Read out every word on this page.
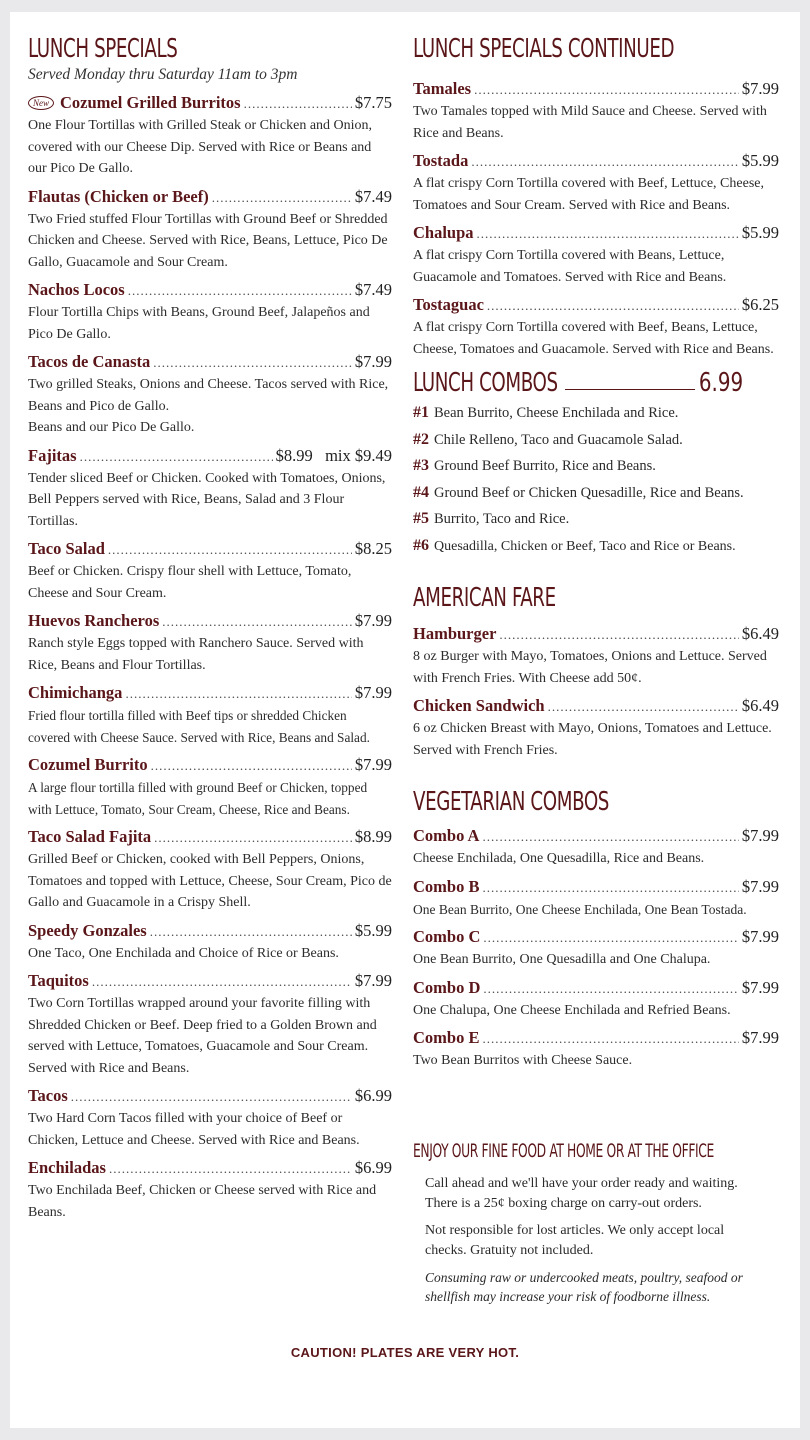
LUNCH SPECIALS
Served Monday thru Saturday 11am to 3pm
New Cozumel Grilled Burritos .....	$7.75
One Flour Tortillas with Grilled Steak or Chicken and Onion, covered with our Cheese Dip. Served with Rice or Beans and our Pico De Gallo.
Flautas (Chicken or Beef) .....	$7.49
Two Fried stuffed Flour Tortillas with Ground Beef or Shredded Chicken and Cheese. Served with Rice, Beans, Lettuce, Pico De Gallo, Guacamole and Sour Cream.
Nachos Locos .....	$7.49
Flour Tortilla Chips with Beans, Ground Beef, Jalapeños and Pico De Gallo.
Tacos de Canasta .....	$7.99
Two grilled Steaks, Onions and Cheese. Tacos served with Rice, Beans and Pico de Gallo.
Beans and our Pico De Gallo.
Fajitas .....	$8.99   mix $9.49
Tender sliced Beef or Chicken. Cooked with Tomatoes, Onions, Bell Peppers served with Rice, Beans, Salad and 3 Flour Tortillas.
Taco Salad .....	$8.25
Beef or Chicken. Crispy flour shell with Lettuce, Tomato, Cheese and Sour Cream.
Huevos Rancheros .....	$7.99
Ranch style Eggs topped with Ranchero Sauce. Served with Rice, Beans and Flour Tortillas.
Chimichanga .....	$7.99
Fried flour tortilla filled with Beef tips or shredded Chicken covered with Cheese Sauce. Served with Rice, Beans and Salad.
Cozumel Burrito .....	$7.99
A large flour tortilla filled with ground Beef or Chicken, topped with Lettuce, Tomato, Sour Cream, Cheese, Rice and Beans.
Taco Salad Fajita .....	$8.99
Grilled Beef or Chicken, cooked with Bell Peppers, Onions, Tomatoes and topped with Lettuce, Cheese, Sour Cream, Pico de Gallo and Guacamole in a Crispy Shell.
Speedy Gonzales .....	$5.99
One Taco, One Enchilada and Choice of Rice or Beans.
Taquitos .....	$7.99
Two Corn Tortillas wrapped around your favorite filling with Shredded Chicken or Beef. Deep fried to a Golden Brown and served with Lettuce, Tomatoes, Guacamole and Sour Cream. Served with Rice and Beans.
Tacos .....	$6.99
Two Hard Corn Tacos filled with your choice of Beef or Chicken, Lettuce and Cheese. Served with Rice and Beans.
Enchiladas .....	$6.99
Two Enchilada Beef, Chicken or Cheese served with Rice and Beans.
LUNCH SPECIALS CONTINUED
Tamales .....	$7.99
Two Tamales topped with Mild Sauce and Cheese. Served with Rice and Beans.
Tostada .....	$5.99
A flat crispy Corn Tortilla covered with Beef, Lettuce, Cheese, Tomatoes and Sour Cream. Served with Rice and Beans.
Chalupa .....	$5.99
A flat crispy Corn Tortilla covered with Beans, Lettuce, Guacamole and Tomatoes. Served with Rice and Beans.
Tostaguac .....	$6.25
A flat crispy Corn Tortilla covered with Beef, Beans, Lettuce, Cheese, Tomatoes and Guacamole. Served with Rice and Beans.
LUNCH COMBOS	6.99
#1 Bean Burrito, Cheese Enchilada and Rice.
#2 Chile Relleno, Taco and Guacamole Salad.
#3 Ground Beef Burrito, Rice and Beans.
#4 Ground Beef or Chicken Quesadille, Rice and Beans.
#5 Burrito, Taco and Rice.
#6 Quesadilla, Chicken or Beef, Taco and Rice or Beans.
AMERICAN FARE
Hamburger .....	$6.49
8 oz Burger with Mayo, Tomatoes, Onions and Lettuce. Served with French Fries. With Cheese add 50¢.
Chicken Sandwich .....	$6.49
6 oz Chicken Breast with Mayo, Onions, Tomatoes and Lettuce. Served with French Fries.
VEGETARIAN COMBOS
Combo A .....	$7.99
Cheese Enchilada, One Quesadilla, Rice and Beans.
Combo B .....	$7.99
One Bean Burrito, One Cheese Enchilada, One Bean Tostada.
Combo C .....	$7.99
One Bean Burrito, One Quesadilla and One Chalupa.
Combo D .....	$7.99
One Chalupa, One Cheese Enchilada and Refried Beans.
Combo E .....	$7.99
Two Bean Burritos with Cheese Sauce.
ENJOY OUR FINE FOOD AT HOME OR AT THE OFFICE
Call ahead and we'll have your order ready and waiting. There is a 25¢ boxing charge on carry-out orders.
Not responsible for lost articles. We only accept local checks. Gratuity not included.
Consuming raw or undercooked meats, poultry, seafood or shellfish may increase your risk of foodborne illness.
CAUTION! PLATES ARE VERY HOT.
